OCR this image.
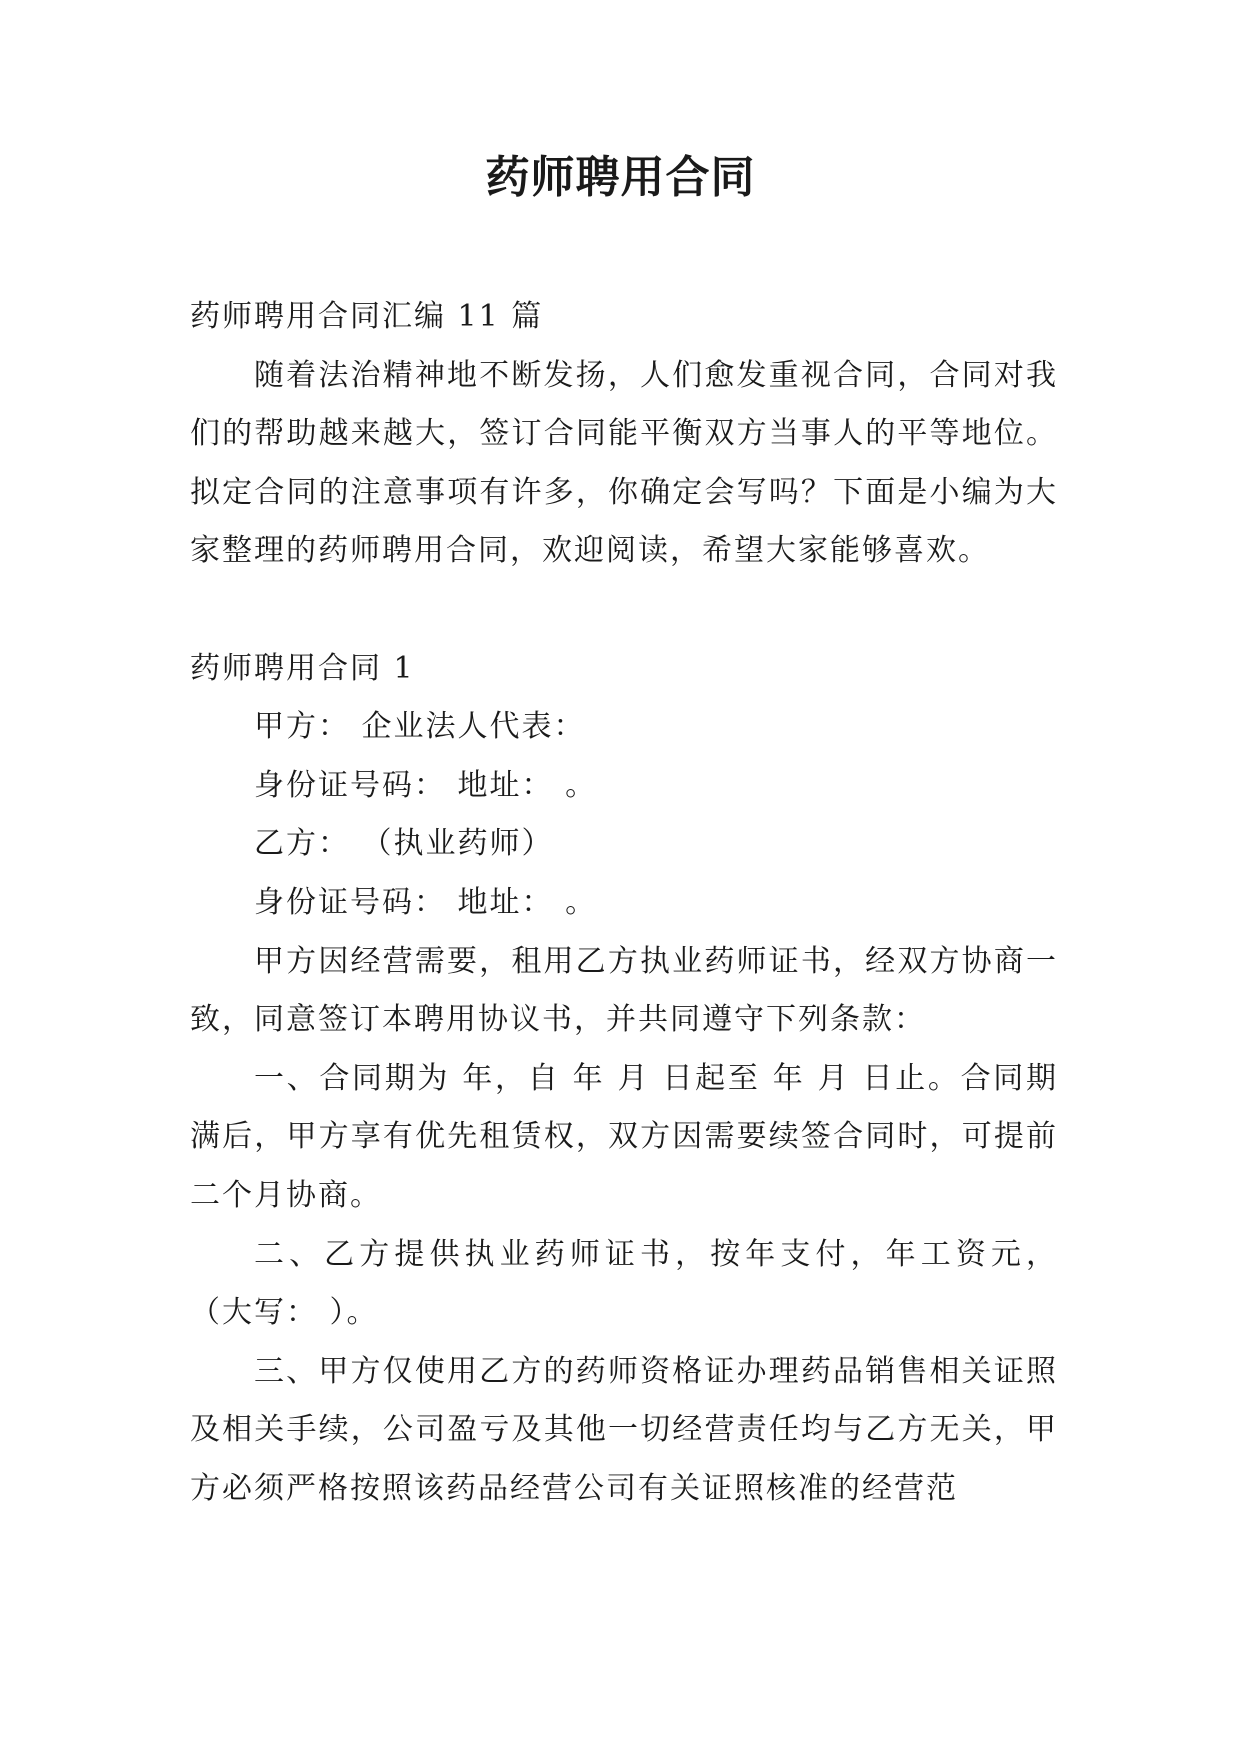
药师聘用合同

药师聘用合同汇编 11 篇

随着法治精神地不断发扬，人们愈发重视合同，合同对我们的帮助越来越大，签订合同能平衡双方当事人的平等地位。拟定合同的注意事项有许多，你确定会写吗？下面是小编为大家整理的药师聘用合同，欢迎阅读，希望大家能够喜欢。

药师聘用合同 1

甲方： 企业法人代表：

身份证号码： 地址： 。

乙方： （执业药师）

身份证号码： 地址： 。

甲方因经营需要，租用乙方执业药师证书，经双方协商一致，同意签订本聘用协议书，并共同遵守下列条款：

一、合同期为 年，自 年 月 日起至 年 月 日止。合同期满后，甲方享有优先租赁权，双方因需要续签合同时，可提前二个月协商。

二、乙方提供执业药师证书，按年支付，年工资元， （大写： ）。

三、甲方仅使用乙方的药师资格证办理药品销售相关证照及相关手续，公司盈亏及其他一切经营责任均与乙方无关，甲方必须严格按照该药品经营公司有关证照核准的经营范
